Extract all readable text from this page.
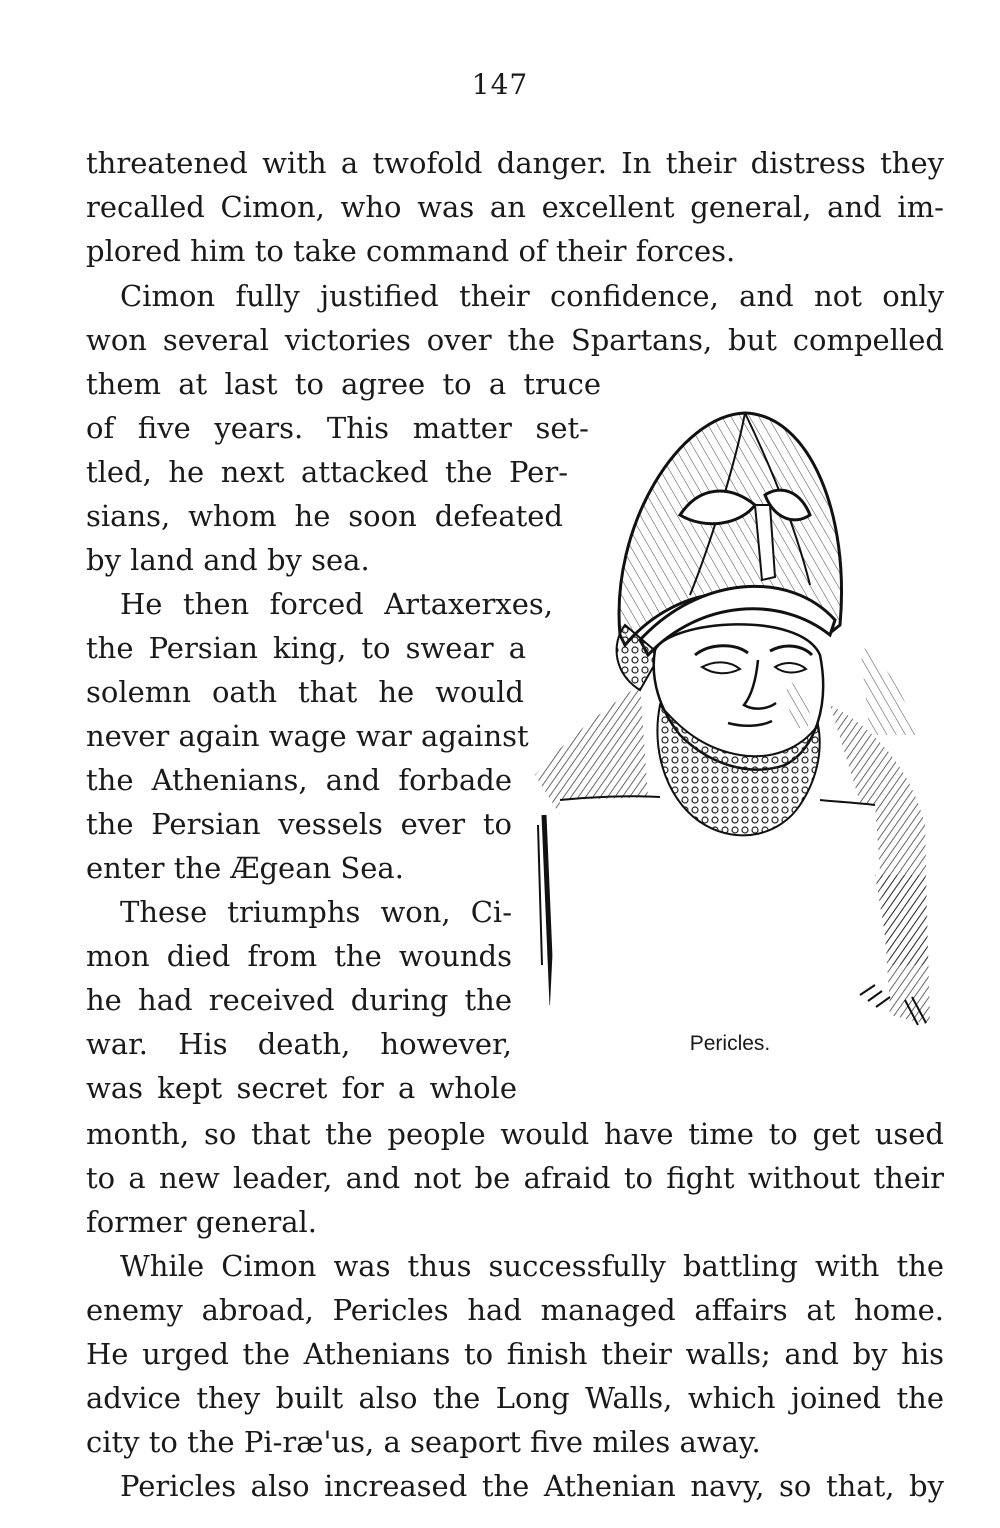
147
threatened with a twofold danger. In their distress they
recalled Cimon, who was an excellent general, and im-
plored him to take command of their forces.
Cimon fully justified their confidence, and not only
won several victories over the Spartans, but compelled
them at last to agree to a truce
of five years. This matter set-
tled, he next attacked the Per-
sians, whom he soon defeated
by land and by sea.
He then forced Artaxerxes,
the Persian king, to swear a
solemn oath that he would
never again wage war against
the Athenians, and forbade
the Persian vessels ever to
enter the Ægean Sea.
These triumphs won, Ci-
mon died from the wounds
he had received during the
war. His death, however,
was kept secret for a whole
month, so that the people would have time to get used
to a new leader, and not be afraid to fight without their
former general.
While Cimon was thus successfully battling with the
enemy abroad, Pericles had managed affairs at home.
He urged the Athenians to finish their walls; and by his
advice they built also the Long Walls, which joined the
city to the Pi-ræ'us, a seaport five miles away.
Pericles also increased the Athenian navy, so that, by
Pericles.
